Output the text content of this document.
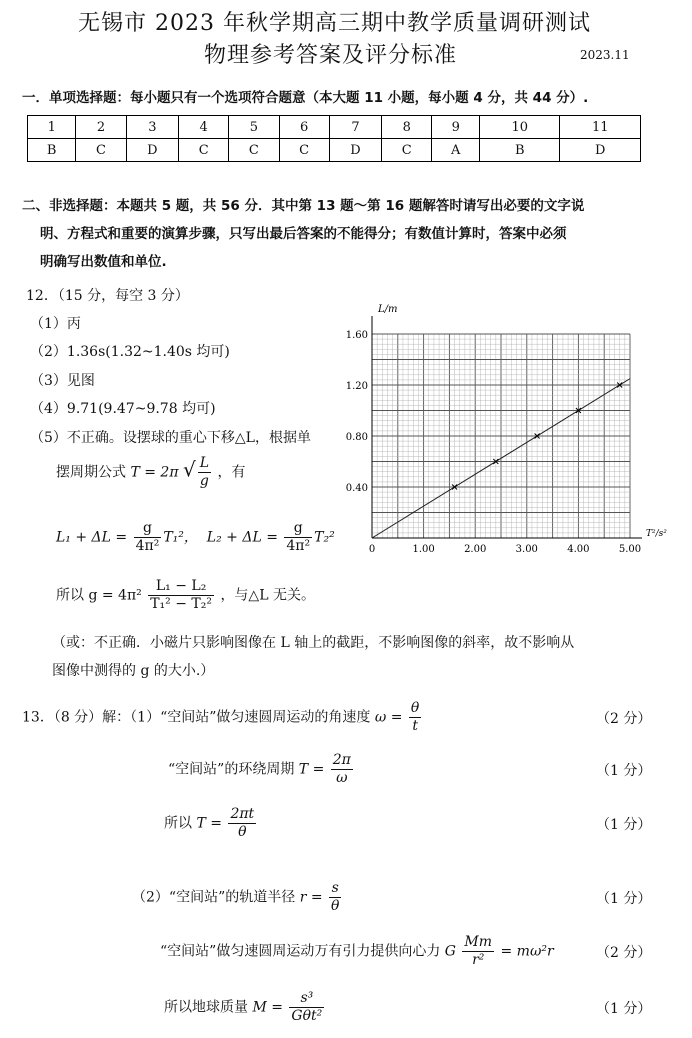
无锡市 2023 年秋学期高三期中教学质量调研测试
物理参考答案及评分标准	2023.11
一．单项选择题：每小题只有一个选项符合题意（本大题 11 小题，每小题 4 分，共 44 分）.
1	2	3	4	5	6	7	8	9	10	11
B	C	D	C	C	C	D	C	A	B	D
二、非选择题：本题共 5 题，共 56 分．其中第 13 题～第 16 题解答时请写出必要的文字说
明、方程式和重要的演算步骤，只写出最后答案的不能得分；有数值计算时，答案中必须
明确写出数值和单位.
12．（15 分，每空 3 分）
（1）丙
（2）1.36s(1.32~1.40s 均可)
（3）见图
（4）9.71(9.47~9.78 均可)
（5）不正确。设摆球的重心下移△L，根据单
摆周期公式 T = 2π √ $\frac{L}{g}$ ，有
$L_1 + \Delta L = \frac{g}{\text{4π²}} T_1^2$， $L_2 + \Delta L = \frac{g}{\text{4π²}} T_2^2$
所以 $g = 4\pi^2 \frac{\text{L₁ − L₂}}{\text{T₁² − T₂²}}$ ，与△L 无关。
（或：不正确．小磁片只影响图像在 L 轴上的截距，不影响图像的斜率，故不影响从
图像中测得的 g 的大小.）
0	1.00	2.00	3.00	4.00	5.00
0.40
0.80
1.20
1.60
L/m
T²/s²
13．（8 分）解：（1）“空间站”做匀速圆周运动的角速度 $\omega = \frac{\theta}{t}$	（2 分）
“空间站”的环绕周期 $T = \frac{2\pi}{\omega}$	（1 分）
所以 $T = \frac{2\pi t}{\theta}$	（1 分）
（2）“空间站”的轨道半径 $r = \frac{s}{\theta}$	（1 分）
“空间站”做匀速圆周运动万有引力提供向心力 G $\frac{Mm}{\text{r²}} = m\omega^2r$	（2 分）
所以地球质量 $M = \frac{\text{s³}}{\text{Gθt²}}$	（1 分）
